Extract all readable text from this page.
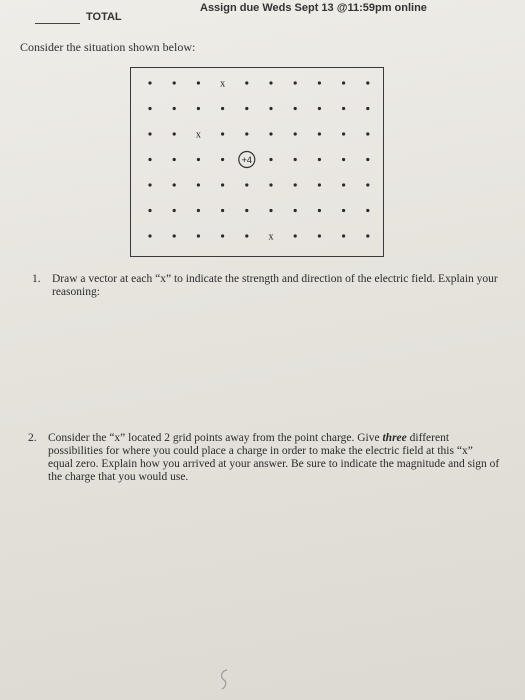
Assign due Weds Sept 13 @11:59pm online
TOTAL
Consider the situation shown below:
x
x
+4
x
1. Draw a vector at each “x” to indicate the strength and direction of the electric field. Explain your reasoning:
2. Consider the “x” located 2 grid points away from the point charge. Give three different possibilities for where you could place a charge in order to make the electric field at this “x” equal zero. Explain how you arrived at your answer. Be sure to indicate the magnitude and sign of the charge that you would use.
